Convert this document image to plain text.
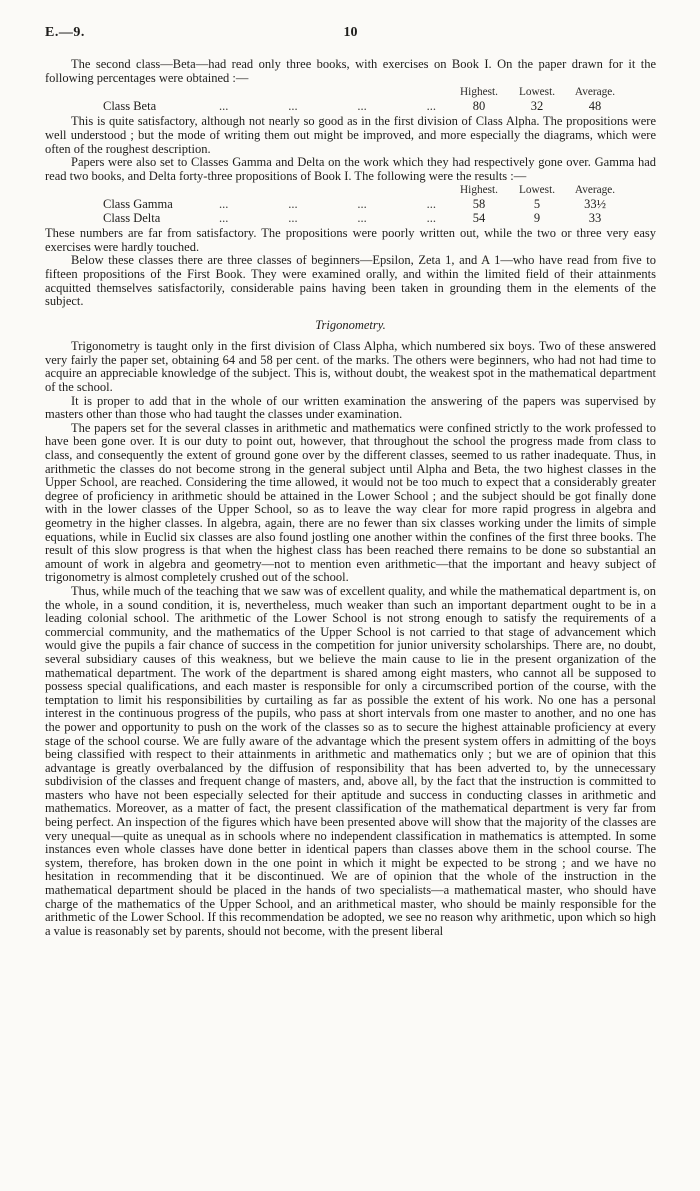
E.—9.	10

The second class—Beta—had read only three books, with exercises on Book I. On the paper drawn for it the following percentages were obtained :—

Highest.	Lowest.	Average.
Class Beta	...	...	...	...	80	32	48

This is quite satisfactory, although not nearly so good as in the first division of Class Alpha. The propositions were well understood ; but the mode of writing them out might be improved, and more especially the diagrams, which were often of the roughest description.

Papers were also set to Classes Gamma and Delta on the work which they had respectively gone over. Gamma had read two books, and Delta forty-three propositions of Book I. The following were the results :—

Highest.	Lowest.	Average.
Class Gamma	...	...	...	...	58	5	33½
Class Delta	...	...	...	...	54	9	33

These numbers are far from satisfactory. The propositions were poorly written out, while the two or three very easy exercises were hardly touched.

Below these classes there are three classes of beginners—Epsilon, Zeta 1, and A 1—who have read from five to fifteen propositions of the First Book. They were examined orally, and within the limited field of their attainments acquitted themselves satisfactorily, considerable pains having been taken in grounding them in the elements of the subject.

Trigonometry.

Trigonometry is taught only in the first division of Class Alpha, which numbered six boys. Two of these answered very fairly the paper set, obtaining 64 and 58 per cent. of the marks. The others were beginners, who had not had time to acquire an appreciable knowledge of the subject. This is, without doubt, the weakest spot in the mathematical department of the school.

It is proper to add that in the whole of our written examination the answering of the papers was supervised by masters other than those who had taught the classes under examination.

The papers set for the several classes in arithmetic and mathematics were confined strictly to the work professed to have been gone over. It is our duty to point out, however, that throughout the school the progress made from class to class, and consequently the extent of ground gone over by the different classes, seemed to us rather inadequate. Thus, in arithmetic the classes do not become strong in the general subject until Alpha and Beta, the two highest classes in the Upper School, are reached. Considering the time allowed, it would not be too much to expect that a considerably greater degree of proficiency in arithmetic should be attained in the Lower School ; and the subject should be got finally done with in the lower classes of the Upper School, so as to leave the way clear for more rapid progress in algebra and geometry in the higher classes. In algebra, again, there are no fewer than six classes working under the limits of simple equations, while in Euclid six classes are also found jostling one another within the confines of the first three books. The result of this slow progress is that when the highest class has been reached there remains to be done so substantial an amount of work in algebra and geometry—not to mention even arithmetic—that the important and heavy subject of trigonometry is almost completely crushed out of the school.

Thus, while much of the teaching that we saw was of excellent quality, and while the mathematical department is, on the whole, in a sound condition, it is, nevertheless, much weaker than such an important department ought to be in a leading colonial school. The arithmetic of the Lower School is not strong enough to satisfy the requirements of a commercial community, and the mathematics of the Upper School is not carried to that stage of advancement which would give the pupils a fair chance of success in the competition for junior university scholarships. There are, no doubt, several subsidiary causes of this weakness, but we believe the main cause to lie in the present organization of the mathematical department. The work of the department is shared among eight masters, who cannot all be supposed to possess special qualifications, and each master is responsible for only a circumscribed portion of the course, with the temptation to limit his responsibilities by curtailing as far as possible the extent of his work. No one has a personal interest in the continuous progress of the pupils, who pass at short intervals from one master to another, and no one has the power and opportunity to push on the work of the classes so as to secure the highest attainable proficiency at every stage of the school course. We are fully aware of the advantage which the present system offers in admitting of the boys being classified with respect to their attainments in arithmetic and mathematics only ; but we are of opinion that this advantage is greatly overbalanced by the diffusion of responsibility that has been adverted to, by the unnecessary subdivision of the classes and frequent change of masters, and, above all, by the fact that the instruction is committed to masters who have not been especially selected for their aptitude and success in conducting classes in arithmetic and mathematics. Moreover, as a matter of fact, the present classification of the mathematical department is very far from being perfect. An inspection of the figures which have been presented above will show that the majority of the classes are very unequal—quite as unequal as in schools where no independent classification in mathematics is attempted. In some instances even whole classes have done better in identical papers than classes above them in the school course. The system, therefore, has broken down in the one point in which it might be expected to be strong ; and we have no hesitation in recommending that it be discontinued. We are of opinion that the whole of the instruction in the mathematical department should be placed in the hands of two specialists—a mathematical master, who should have charge of the mathematics of the Upper School, and an arithmetical master, who should be mainly responsible for the arithmetic of the Lower School. If this recommendation be adopted, we see no reason why arithmetic, upon which so high a value is reasonably set by parents, should not become, with the present liberal
